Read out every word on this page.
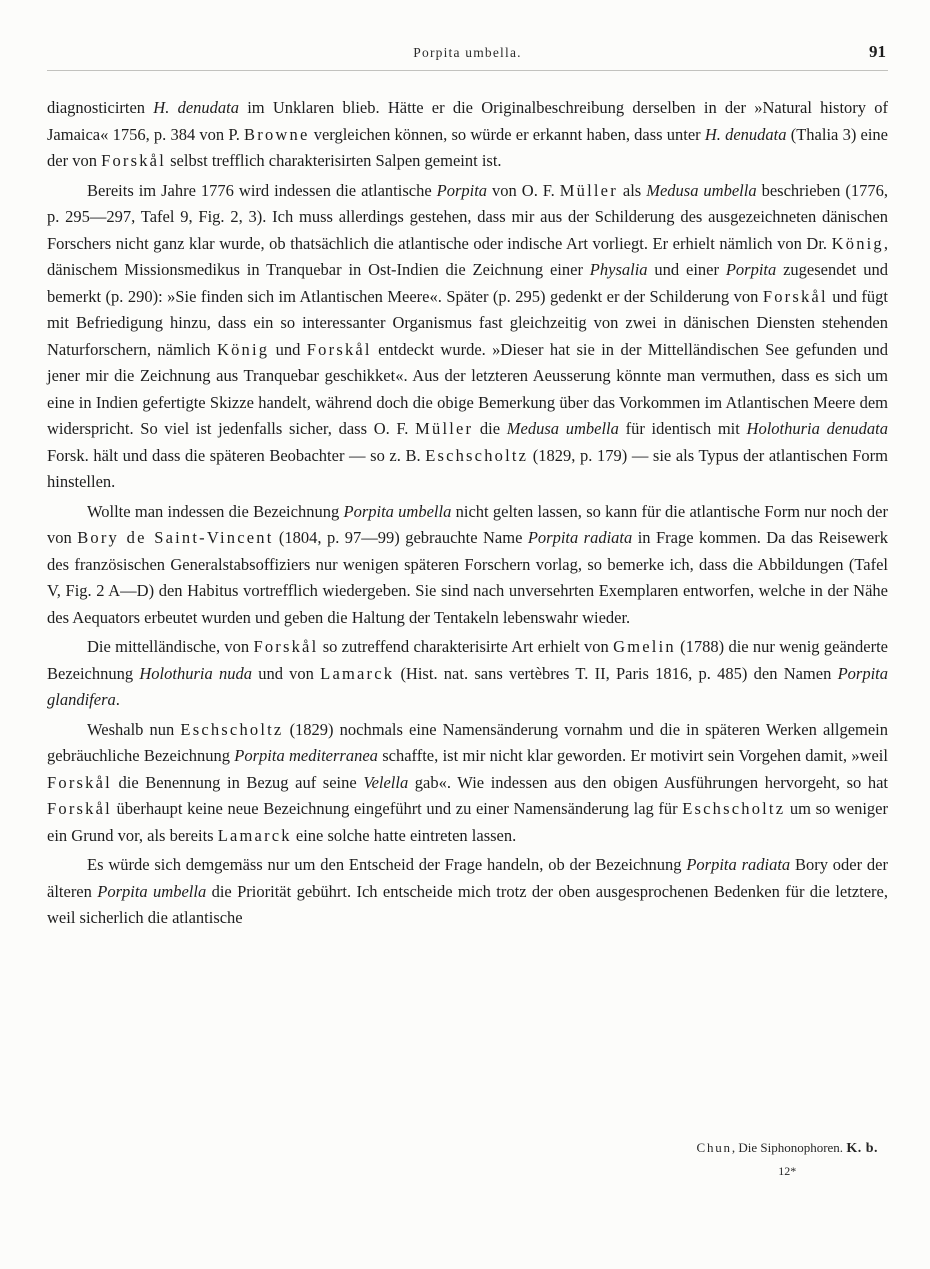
Porpita umbella.	91

diagnosticirten H. denudata im Unklaren blieb. Hätte er die Originalbeschreibung derselben in der »Natural history of Jamaica« 1756, p. 384 von P. Browne vergleichen können, so würde er erkannt haben, dass unter H. denudata (Thalia 3) eine der von Forskål selbst trefflich charakterisirten Salpen gemeint ist.

Bereits im Jahre 1776 wird indessen die atlantische Porpita von O. F. Müller als Medusa umbella beschrieben (1776, p. 295—297, Tafel 9, Fig. 2, 3). Ich muss allerdings gestehen, dass mir aus der Schilderung des ausgezeichneten dänischen Forschers nicht ganz klar wurde, ob thatsächlich die atlantische oder indische Art vorliegt. Er erhielt nämlich von Dr. König, dänischem Missionsmedikus in Tranquebar in Ost-Indien die Zeichnung einer Physalia und einer Porpita zugesendet und bemerkt (p. 290): »Sie finden sich im Atlantischen Meere«. Später (p. 295) gedenkt er der Schilderung von Forskål und fügt mit Befriedigung hinzu, dass ein so interessanter Organismus fast gleichzeitig von zwei in dänischen Diensten stehenden Naturforschern, nämlich König und Forskål entdeckt wurde. »Dieser hat sie in der Mittelländischen See gefunden und jener mir die Zeichnung aus Tranquebar geschikket«. Aus der letzteren Aeusserung könnte man vermuthen, dass es sich um eine in Indien gefertigte Skizze handelt, während doch die obige Bemerkung über das Vorkommen im Atlantischen Meere dem widerspricht. So viel ist jedenfalls sicher, dass O. F. Müller die Medusa umbella für identisch mit Holothuria denudata Forsk. hält und dass die späteren Beobachter — so z. B. Eschscholtz (1829, p. 179) — sie als Typus der atlantischen Form hinstellen.

Wollte man indessen die Bezeichnung Porpita umbella nicht gelten lassen, so kann für die atlantische Form nur noch der von Bory de Saint-Vincent (1804, p. 97—99) gebrauchte Name Porpita radiata in Frage kommen. Da das Reisewerk des französischen Generalstabsoffiziers nur wenigen späteren Forschern vorlag, so bemerke ich, dass die Abbildungen (Tafel V, Fig. 2 A—D) den Habitus vortrefflich wiedergeben. Sie sind nach unversehrten Exemplaren entworfen, welche in der Nähe des Aequators erbeutet wurden und geben die Haltung der Tentakeln lebenswahr wieder.

Die mittelländische, von Forskål so zutreffend charakterisirte Art erhielt von Gmelin (1788) die nur wenig geänderte Bezeichnung Holothuria nuda und von Lamarck (Hist. nat. sans vertèbres T. II, Paris 1816, p. 485) den Namen Porpita glandifera.

Weshalb nun Eschscholtz (1829) nochmals eine Namensänderung vornahm und die in späteren Werken allgemein gebräuchliche Bezeichnung Porpita mediterranea schaffte, ist mir nicht klar geworden. Er motivirt sein Vorgehen damit, »weil Forskål die Benennung in Bezug auf seine Velella gab«. Wie indessen aus den obigen Ausführungen hervorgeht, so hat Forskål überhaupt keine neue Bezeichnung eingeführt und zu einer Namensänderung lag für Eschscholtz um so weniger ein Grund vor, als bereits Lamarck eine solche hatte eintreten lassen.

Es würde sich demgemäss nur um den Entscheid der Frage handeln, ob der Bezeichnung Porpita radiata Bory oder der älteren Porpita umbella die Priorität gebührt. Ich entscheide mich trotz der oben ausgesprochenen Bedenken für die letztere, weil sicherlich die atlantische

Chun, Die Siphonophoren. K. b.
12*
